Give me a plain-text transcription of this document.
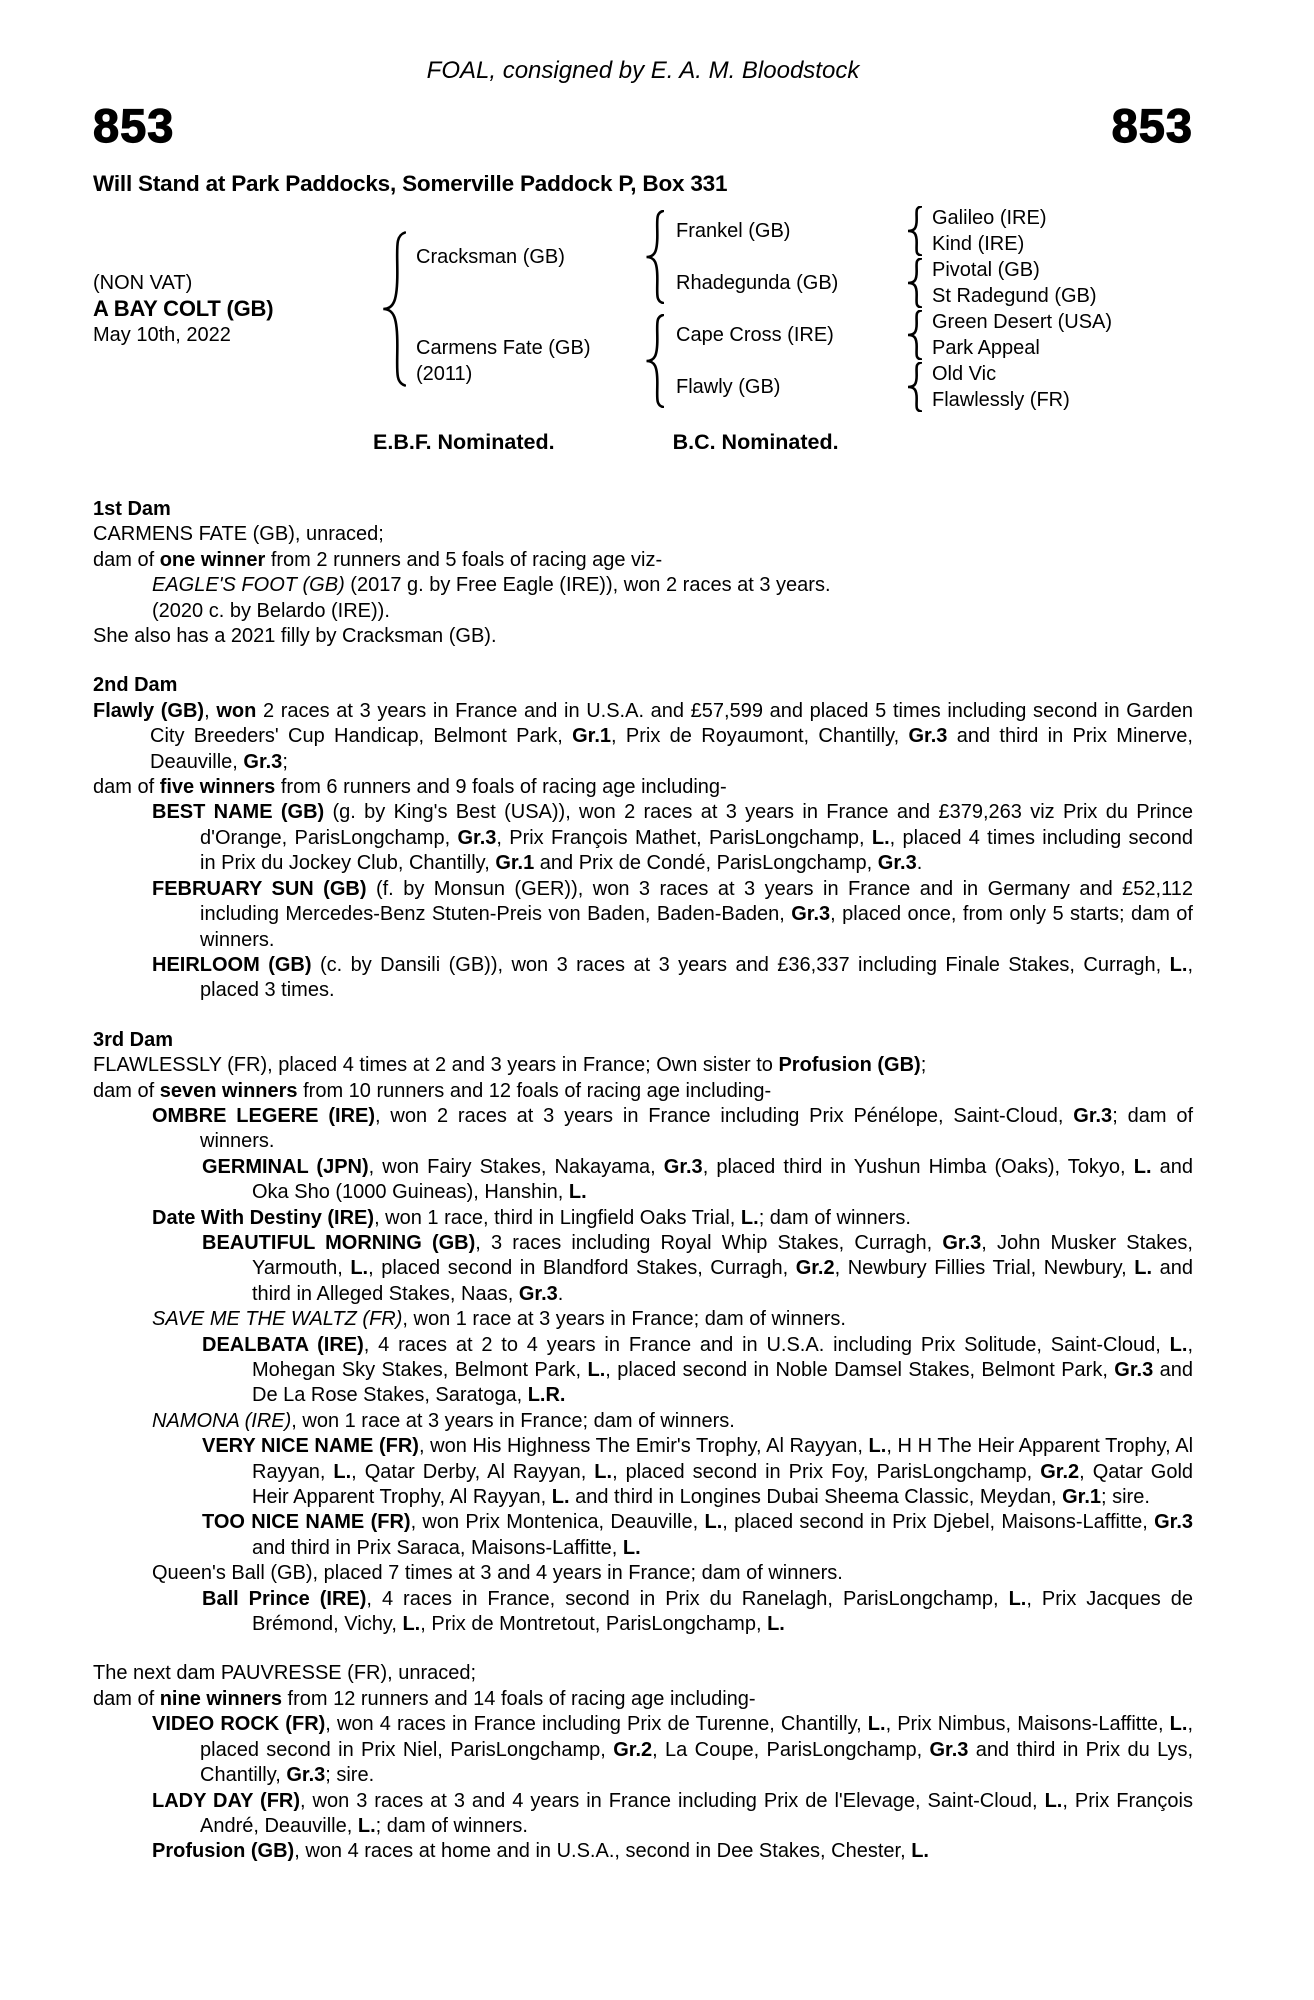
FOAL, consigned by E. A. M. Bloodstock
853	853
Will Stand at Park Paddocks, Somerville Paddock P, Box 331
(NON VAT)
A BAY COLT (GB)
May 10th, 2022
Cracksman (GB)
Frankel (GB)
Galileo (IRE)
Kind (IRE)
Rhadegunda (GB)
Pivotal (GB)
St Radegund (GB)
Carmens Fate (GB)
(2011)
Cape Cross (IRE)
Green Desert (USA)
Park Appeal
Flawly (GB)
Old Vic
Flawlessly (FR)
E.B.F. Nominated.	B.C. Nominated.
1st Dam

CARMENS FATE (GB), unraced;

dam of one winner from 2 runners and 5 foals of racing age viz-

EAGLE'S FOOT (GB) (2017 g. by Free Eagle (IRE)), won 2 races at 3 years.

(2020 c. by Belardo (IRE)).

She also has a 2021 filly by Cracksman (GB).

2nd Dam

Flawly (GB), won 2 races at 3 years in France and in U.S.A. and £57,599 and placed 5 times including second in Garden City Breeders' Cup Handicap, Belmont Park, Gr.1, Prix de Royaumont, Chantilly, Gr.3 and third in Prix Minerve, Deauville, Gr.3;

dam of five winners from 6 runners and 9 foals of racing age including-

BEST NAME (GB) (g. by King's Best (USA)), won 2 races at 3 years in France and £379,263 viz Prix du Prince d'Orange, ParisLongchamp, Gr.3, Prix François Mathet, ParisLongchamp, L., placed 4 times including second in Prix du Jockey Club, Chantilly, Gr.1 and Prix de Condé, ParisLongchamp, Gr.3.

FEBRUARY SUN (GB) (f. by Monsun (GER)), won 3 races at 3 years in France and in Germany and £52,112 including Mercedes-Benz Stuten-Preis von Baden, Baden-Baden, Gr.3, placed once, from only 5 starts; dam of winners.

HEIRLOOM (GB) (c. by Dansili (GB)), won 3 races at 3 years and £36,337 including Finale Stakes, Curragh, L., placed 3 times.

3rd Dam

FLAWLESSLY (FR), placed 4 times at 2 and 3 years in France; Own sister to Profusion (GB);

dam of seven winners from 10 runners and 12 foals of racing age including-

OMBRE LEGERE (IRE), won 2 races at 3 years in France including Prix Pénélope, Saint-Cloud, Gr.3; dam of winners.

GERMINAL (JPN), won Fairy Stakes, Nakayama, Gr.3, placed third in Yushun Himba (Oaks), Tokyo, L. and Oka Sho (1000 Guineas), Hanshin, L.

Date With Destiny (IRE), won 1 race, third in Lingfield Oaks Trial, L.; dam of winners.

BEAUTIFUL MORNING (GB), 3 races including Royal Whip Stakes, Curragh, Gr.3, John Musker Stakes, Yarmouth, L., placed second in Blandford Stakes, Curragh, Gr.2, Newbury Fillies Trial, Newbury, L. and third in Alleged Stakes, Naas, Gr.3.

SAVE ME THE WALTZ (FR), won 1 race at 3 years in France; dam of winners.

DEALBATA (IRE), 4 races at 2 to 4 years in France and in U.S.A. including Prix Solitude, Saint-Cloud, L., Mohegan Sky Stakes, Belmont Park, L., placed second in Noble Damsel Stakes, Belmont Park, Gr.3 and De La Rose Stakes, Saratoga, L.R.

NAMONA (IRE), won 1 race at 3 years in France; dam of winners.

VERY NICE NAME (FR), won His Highness The Emir's Trophy, Al Rayyan, L., H H The Heir Apparent Trophy, Al Rayyan, L., Qatar Derby, Al Rayyan, L., placed second in Prix Foy, ParisLongchamp, Gr.2, Qatar Gold Heir Apparent Trophy, Al Rayyan, L. and third in Longines Dubai Sheema Classic, Meydan, Gr.1; sire.

TOO NICE NAME (FR), won Prix Montenica, Deauville, L., placed second in Prix Djebel, Maisons-Laffitte, Gr.3 and third in Prix Saraca, Maisons-Laffitte, L.

Queen's Ball (GB), placed 7 times at 3 and 4 years in France; dam of winners.

Ball Prince (IRE), 4 races in France, second in Prix du Ranelagh, ParisLongchamp, L., Prix Jacques de Brémond, Vichy, L., Prix de Montretout, ParisLongchamp, L.

The next dam PAUVRESSE (FR), unraced;

dam of nine winners from 12 runners and 14 foals of racing age including-

VIDEO ROCK (FR), won 4 races in France including Prix de Turenne, Chantilly, L., Prix Nimbus, Maisons-Laffitte, L., placed second in Prix Niel, ParisLongchamp, Gr.2, La Coupe, ParisLongchamp, Gr.3 and third in Prix du Lys, Chantilly, Gr.3; sire.

LADY DAY (FR), won 3 races at 3 and 4 years in France including Prix de l'Elevage, Saint-Cloud, L., Prix François André, Deauville, L.; dam of winners.

Profusion (GB), won 4 races at home and in U.S.A., second in Dee Stakes, Chester, L.
